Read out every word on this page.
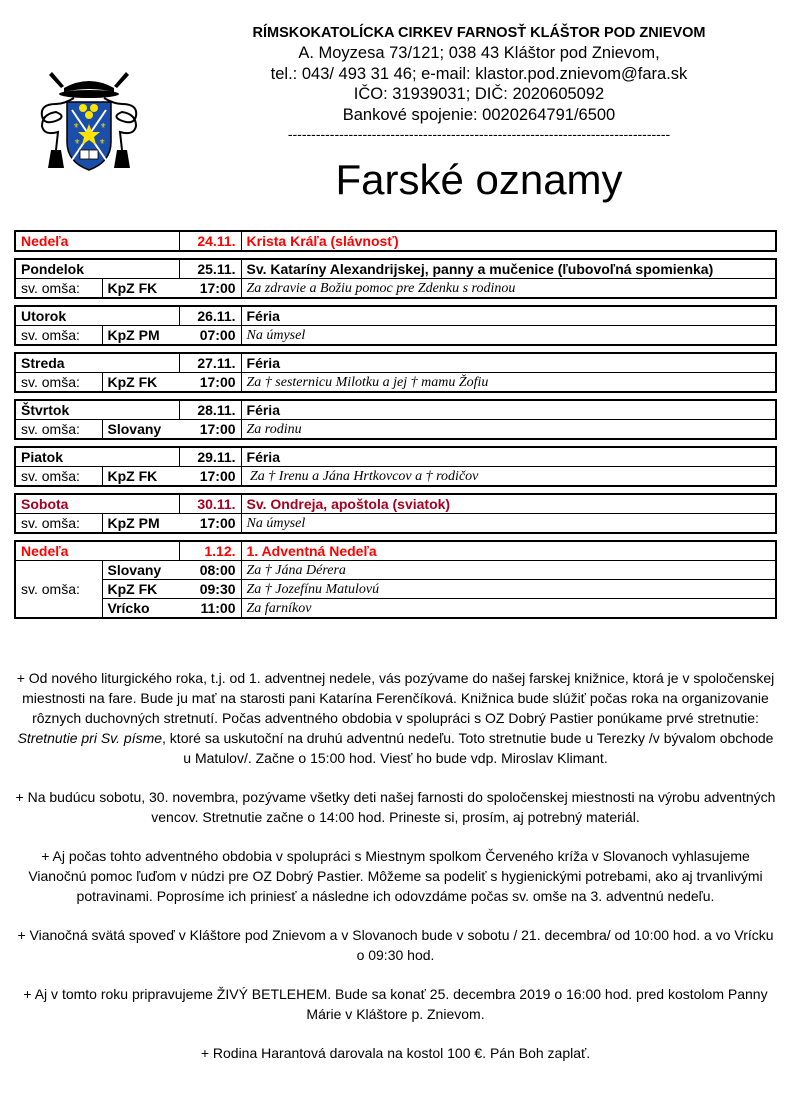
⚜	⚜
⚜	⚜
RÍMSKOKATOLÍCKA CIRKEV FARNOSŤ KLÁŠTOR POD ZNIEVOM
A. Moyzesa 73/121; 038 43 Kláštor pod Znievom,
tel.: 043/ 493 31 46; e-mail: klastor.pod.znievom@fara.sk
IČO: 31939031; DIČ: 2020605092
Bankové spojenie: 0020264791/6500
----------------------------------------------------------------------------------
Farské oznamy
Nedeľa	24.11.	Krista Kráľa (slávnosť)
Pondelok		25.11.	Sv. Kataríny Alexandrijskej, panny a mučenice (ľubovoľná spomienka)
sv. omša:	KpZ FK	17:00	Za zdravie a Božiu pomoc pre Zdenku s rodinou
Utorok		26.11.	Féria
sv. omša:	KpZ PM	07:00	Na úmysel
Streda		27.11.	Féria
sv. omša:	KpZ FK	17:00	Za † sesternicu Milotku a jej † mamu Žofiu
Štvrtok		28.11.	Féria
sv. omša:	Slovany	17:00	Za rodinu
Piatok		29.11.	Féria
sv. omša:	KpZ FK	17:00	Za † Irenu a Jána Hrtkovcov a † rodičov
Sobota		30.11.	Sv. Ondreja, apoštola (sviatok)
sv. omša:	KpZ PM	17:00	Na úmysel
Nedeľa		1.12.	1. Adventná Nedeľa
sv. omša:	Slovany	08:00	Za † Jána Dérera
	KpZ FK	09:30	Za † Jozefínu Matulovú
	Vrícko	11:00	Za farníkov

+ Od nového liturgického roka, t.j. od 1. adventnej nedele, vás pozývame do našej farskej knižnice, ktorá je v spoločenskej miestnosti na fare. Bude ju mať na starosti pani Katarína Ferenčíková. Knižnica bude slúžiť počas roka na organizovanie rôznych duchovných stretnutí. Počas adventného obdobia v spolupráci s OZ Dobrý Pastier ponúkame prvé stretnutie: Stretnutie pri Sv. písme, ktoré sa uskutoční na druhú adventnú nedeľu. Toto stretnutie bude u Terezky /v bývalom obchode u Matulov/. Začne o 15:00 hod. Viesť ho bude vdp. Miroslav Klimant.

+ Na budúcu sobotu, 30. novembra, pozývame všetky deti našej farnosti do spoločenskej miestnosti na výrobu adventných vencov. Stretnutie začne o 14:00 hod. Prineste si, prosím, aj potrebný materiál.

+ Aj počas tohto adventného obdobia v spolupráci s Miestnym spolkom Červeného kríža v Slovanoch vyhlasujeme Vianočnú pomoc ľuďom v núdzi pre OZ Dobrý Pastier. Môžeme sa podeliť s hygienickými potrebami, ako aj trvanlivými potravinami. Poprosíme ich priniesť a následne ich odovzdáme počas sv. omše na 3. adventnú nedeľu.

+ Vianočná svätá spoveď v Kláštore pod Znievom a v Slovanoch bude v sobotu / 21. decembra/ od 10:00 hod. a vo Vrícku o 09:30 hod.

+ Aj v tomto roku pripravujeme ŽIVÝ BETLEHEM. Bude sa konať 25. decembra 2019 o 16:00 hod. pred kostolom Panny Márie v Kláštore p. Znievom.

+ Rodina Harantová darovala na kostol 100 €. Pán Boh zaplať.
